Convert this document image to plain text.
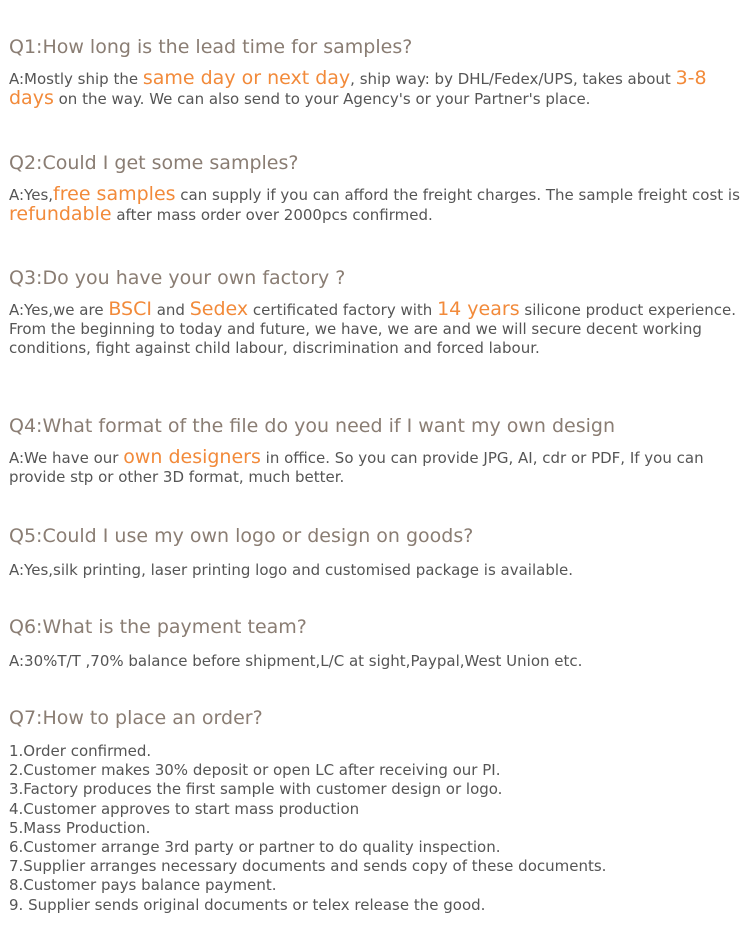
Q1:How long is the lead time for samples?
A:Mostly ship the same day or next day, ship way: by DHL/Fedex/UPS, takes about 3-8 days on the way. We can also send to your Agency's or your Partner's place.
Q2:Could I get some samples?
A:Yes,free samples can supply if you can afford the freight charges. The sample freight cost is refundable after mass order over 2000pcs confirmed.
Q3:Do you have your own factory ?
A:Yes,we are BSCI and Sedex certificated factory with 14 years silicone product experience.
From the beginning to today and future, we have, we are and we will secure decent working conditions, fight against child labour, discrimination and forced labour.
Q4:What format of the file do you need if I want my own design
A:We have our own designers in office. So you can provide JPG, AI, cdr or PDF, If you can provide stp or other 3D format, much better.
Q5:Could I use my own logo or design on goods?
A:Yes,silk printing, laser printing logo and customised package is available.
Q6:What is the payment team?
A:30%T/T ,70% balance before shipment,L/C at sight,Paypal,West Union etc.
Q7:How to place an order?
1.Order confirmed.
2.Customer makes 30% deposit or open LC after receiving our PI.
3.Factory produces the first sample with customer design or logo.
4.Customer approves to start mass production
5.Mass Production.
6.Customer arrange 3rd party or partner to do quality inspection.
7.Supplier arranges necessary documents and sends copy of these documents.
8.Customer pays balance payment.
9. Supplier sends original documents or telex release the good.
